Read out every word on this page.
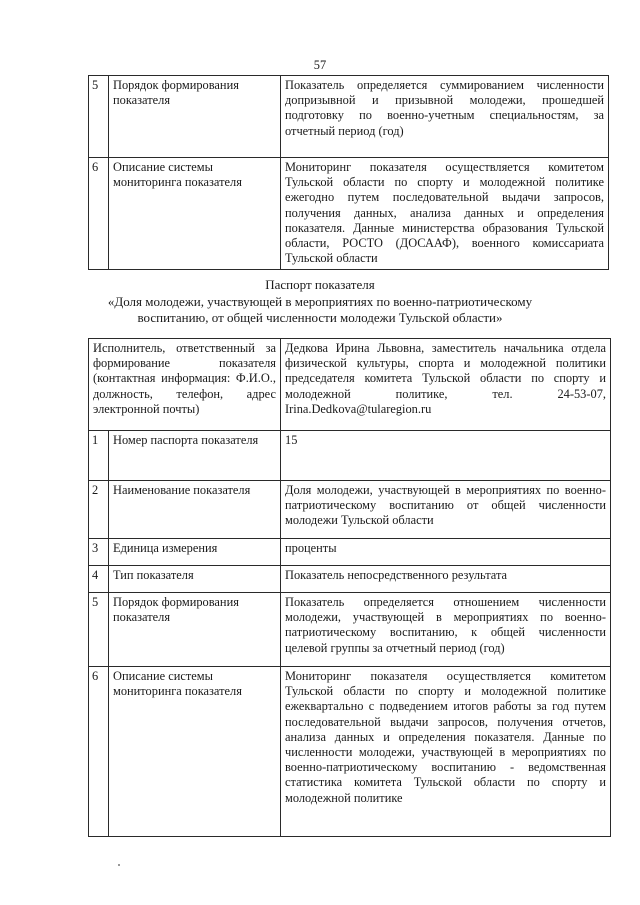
57
5	Порядок формирования показателя	Показатель определяется суммированием численности допризывной и призывной молодежи, прошедшей подготовку по военно-учетным специальностям, за отчетный период (год)
6	Описание системы мониторинга показателя	Мониторинг показателя осуществляется комитетом Тульской области по спорту и молодежной политике ежегодно путем последовательной выдачи запросов, получения данных, анализа данных и определения показателя. Данные министерства образования Тульской области, РОСТО (ДОСААФ), военного комиссариата Тульской области
Паспорт показателя
«Доля молодежи, участвующей в мероприятиях по военно-патриотическому
воспитанию, от общей численности молодежи Тульской области»
Исполнитель, ответственный за формирование показателя (контактная информация: Ф.И.О., должность, телефон, адрес электронной почты)		Дедкова Ирина Львовна, заместитель начальника отдела физической культуры, спорта и молодежной политики председателя комитета Тульской области по спорту и молодежной политике, тел. 24-53-07, Irina.Dedkova@tularegion.ru
1	Номер паспорта показателя	15
2	Наименование показателя	Доля молодежи, участвующей в мероприятиях по военно-патриотическому воспитанию от общей численности молодежи Тульской области
3	Единица измерения	проценты
4	Тип показателя	Показатель непосредственного результата
5	Порядок формирования показателя	Показатель определяется отношением численности молодежи, участвующей в мероприятиях по военно-патриотическому воспитанию, к общей численности целевой группы за отчетный период (год)
6	Описание системы мониторинга показателя	Мониторинг показателя осуществляется комитетом Тульской области по спорту и молодежной политике ежеквартально с подведением итогов работы за год путем последовательной выдачи запросов, получения отчетов, анализа данных и определения показателя. Данные по численности молодежи, участвующей в мероприятиях по военно-патриотическому воспитанию - ведомственная статистика комитета Тульской области по спорту и молодежной политике
